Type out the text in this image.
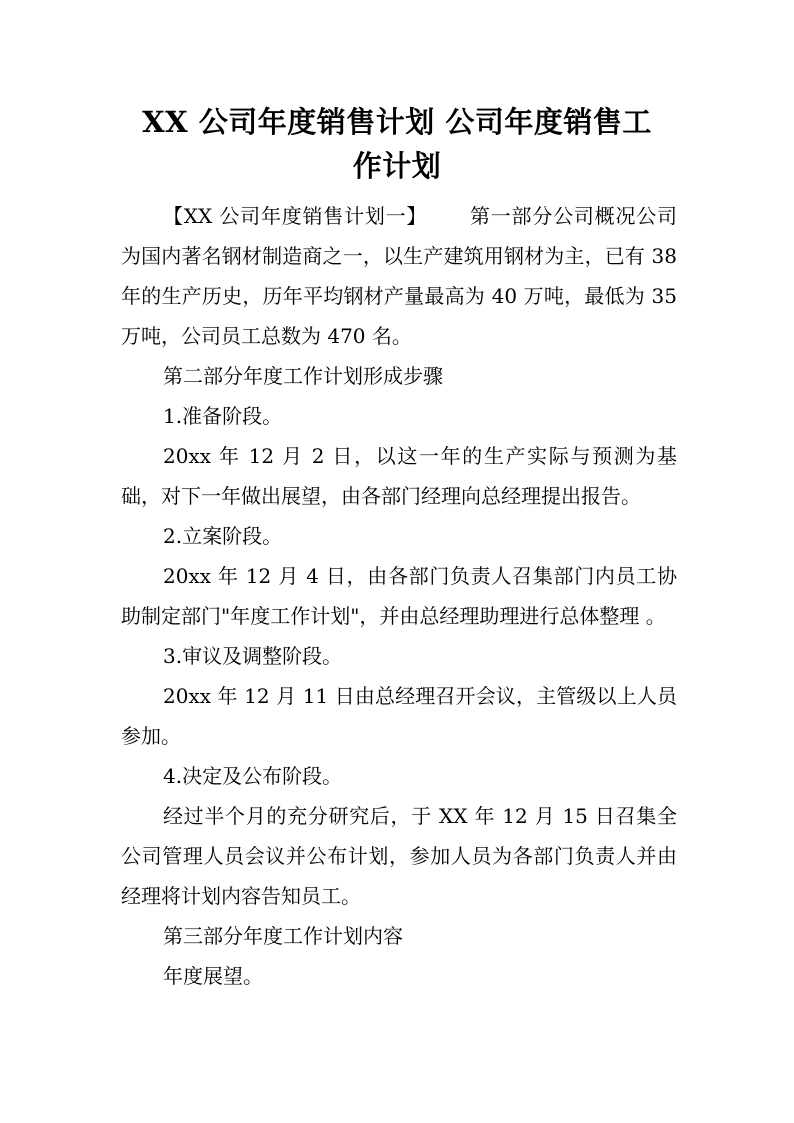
XX 公司年度销售计划 公司年度销售工
作计划

【XX 公司年度销售计划一】 第一部分公司概况公司为国内著名钢材制造商之一，以生产建筑用钢材为主，已有 38 年的生产历史，历年平均钢材产量最高为 40 万吨，最低为 35 万吨，公司员工总数为 470 名。

第二部分年度工作计划形成步骤

1.准备阶段。

20xx 年 12 月 2 日，以这一年的生产实际与预测为基础，对下一年做出展望，由各部门经理向总经理提出报告。

2.立案阶段。

20xx 年 12 月 4 日，由各部门负责人召集部门内员工协助制定部门"年度工作计划"，并由总经理助理进行总体整理 。

3.审议及调整阶段。

20xx 年 12 月 11 日由总经理召开会议，主管级以上人员参加。

4.决定及公布阶段。

经过半个月的充分研究后，于 XX 年 12 月 15 日召集全公司管理人员会议并公布计划，参加人员为各部门负责人并由经理将计划内容告知员工。

第三部分年度工作计划内容

年度展望。
